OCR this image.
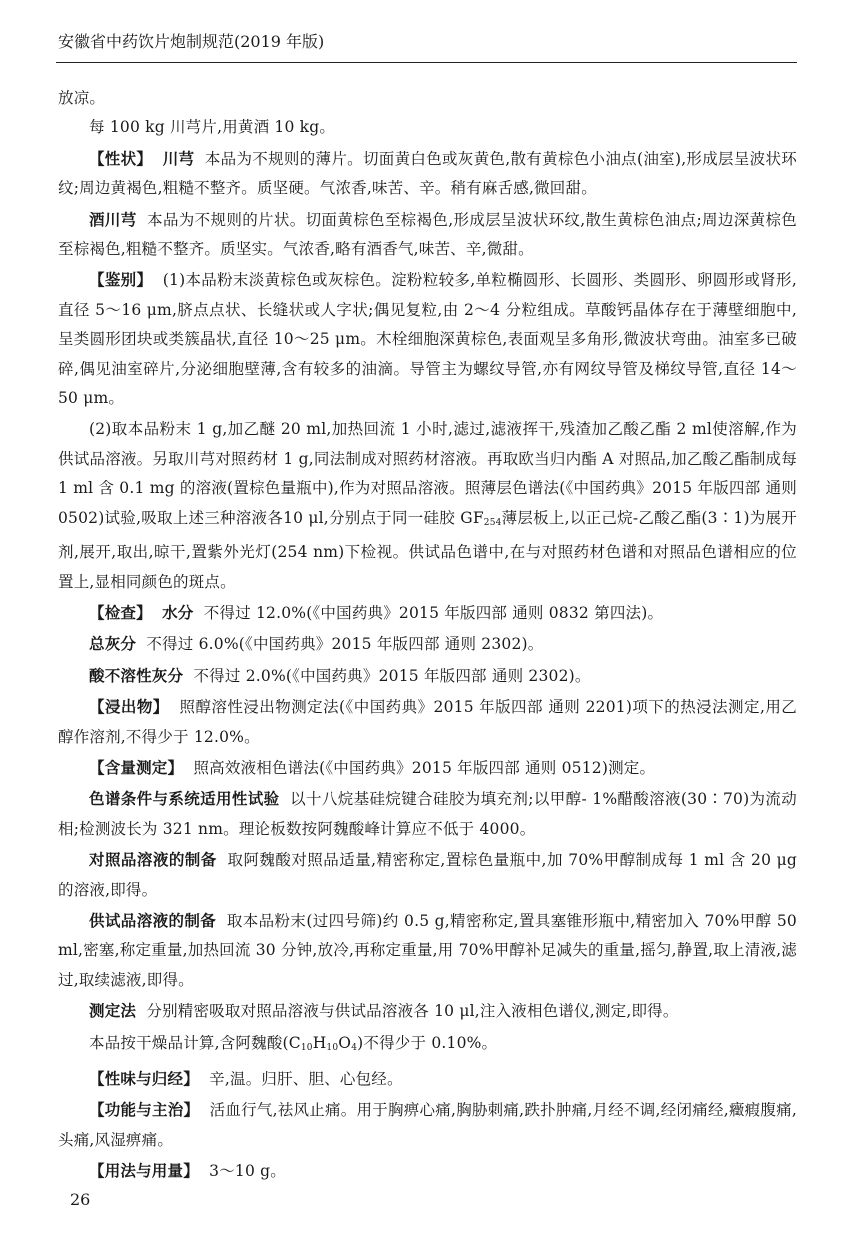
安徽省中药饮片炮制规范(2019 年版)

放凉。

每 100 kg 川芎片,用黄酒 10 kg。

【性状】 川芎 本品为不规则的薄片。切面黄白色或灰黄色,散有黄棕色小油点(油室),形成层呈波状环纹;周边黄褐色,粗糙不整齐。质坚硬。气浓香,味苦、辛。稍有麻舌感,微回甜。

酒川芎 本品为不规则的片状。切面黄棕色至棕褐色,形成层呈波状环纹,散生黄棕色油点;周边深黄棕色至棕褐色,粗糙不整齐。质坚实。气浓香,略有酒香气,味苦、辛,微甜。

【鉴别】 (1)本品粉末淡黄棕色或灰棕色。淀粉粒较多,单粒椭圆形、长圆形、类圆形、卵圆形或肾形,直径 5～16 μm,脐点点状、长缝状或人字状;偶见复粒,由 2～4 分粒组成。草酸钙晶体存在于薄壁细胞中,呈类圆形团块或类簇晶状,直径 10～25 μm。木栓细胞深黄棕色,表面观呈多角形,微波状弯曲。油室多已破碎,偶见油室碎片,分泌细胞壁薄,含有较多的油滴。导管主为螺纹导管,亦有网纹导管及梯纹导管,直径 14～50 μm。

(2)取本品粉末 1 g,加乙醚 20 ml,加热回流 1 小时,滤过,滤液挥干,残渣加乙酸乙酯 2 ml使溶解,作为供试品溶液。另取川芎对照药材 1 g,同法制成对照药材溶液。再取欧当归内酯 A 对照品,加乙酸乙酯制成每 1 ml 含 0.1 mg 的溶液(置棕色量瓶中),作为对照品溶液。照薄层色谱法(《中国药典》2015 年版四部 通则 0502)试验,吸取上述三种溶液各10 μl,分别点于同一硅胶 $GF_{254}$薄层板上,以正己烷-乙酸乙酯(3∶1)为展开剂,展开,取出,晾干,置紫外光灯(254 nm)下检视。供试品色谱中,在与对照药材色谱和对照品色谱相应的位置上,显相同颜色的斑点。

【检查】 水分 不得过 12.0%(《中国药典》2015 年版四部 通则 0832 第四法)。

总灰分 不得过 6.0%(《中国药典》2015 年版四部 通则 2302)。

酸不溶性灰分 不得过 2.0%(《中国药典》2015 年版四部 通则 2302)。

【浸出物】 照醇溶性浸出物测定法(《中国药典》2015 年版四部 通则 2201)项下的热浸法测定,用乙醇作溶剂,不得少于 12.0%。

【含量测定】 照高效液相色谱法(《中国药典》2015 年版四部 通则 0512)测定。

色谱条件与系统适用性试验 以十八烷基硅烷键合硅胶为填充剂;以甲醇- 1%醋酸溶液(30∶70)为流动相;检测波长为 321 nm。理论板数按阿魏酸峰计算应不低于 4000。

对照品溶液的制备 取阿魏酸对照品适量,精密称定,置棕色量瓶中,加 70%甲醇制成每 1 ml 含 20 μg 的溶液,即得。

供试品溶液的制备 取本品粉末(过四号筛)约 0.5 g,精密称定,置具塞锥形瓶中,精密加入 70%甲醇 50 ml,密塞,称定重量,加热回流 30 分钟,放冷,再称定重量,用 70%甲醇补足减失的重量,摇匀,静置,取上清液,滤过,取续滤液,即得。

测定法 分别精密吸取对照品溶液与供试品溶液各 10 μl,注入液相色谱仪,测定,即得。

本品按干燥品计算,含阿魏酸$(C_{10}H_{10}O_4)$不得少于 0.10%。

【性味与归经】 辛,温。归肝、胆、心包经。

【功能与主治】 活血行气,祛风止痛。用于胸痹心痛,胸胁刺痛,跌扑肿痛,月经不调,经闭痛经,癥瘕腹痛,头痛,风湿痹痛。

【用法与用量】 3～10 g。

26
